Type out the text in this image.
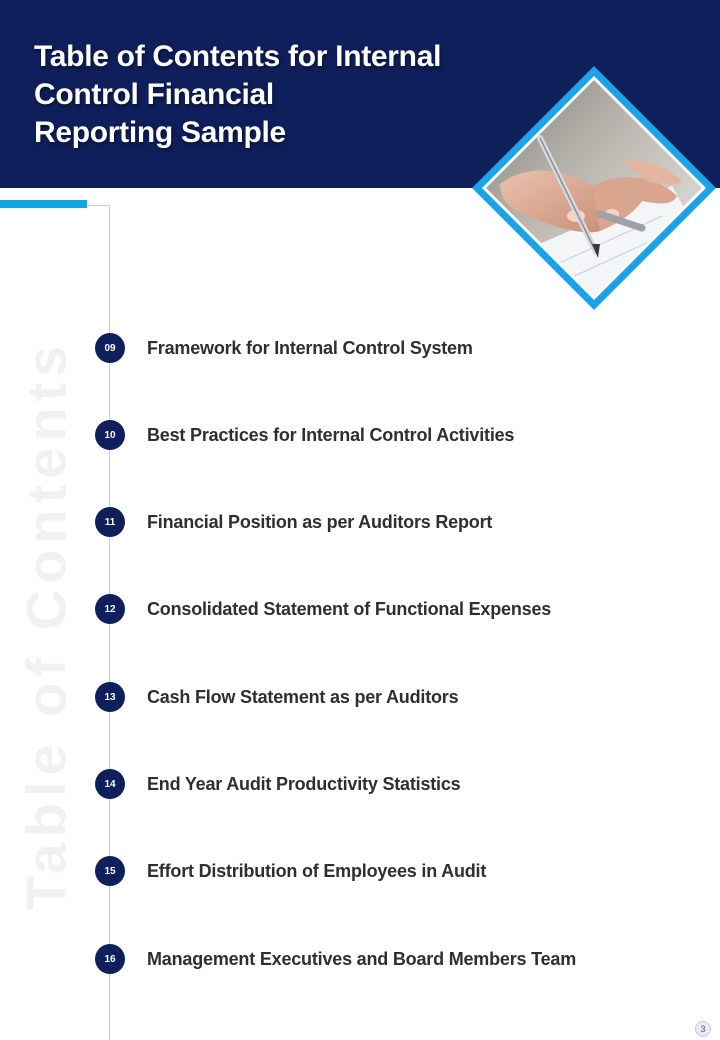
Table of Contents for Internal
Control Financial
Reporting Sample
Table of Contents	09	Framework for Internal Control System
10	Best Practices for Internal Control Activities
11	Financial Position as per Auditors Report
12	Consolidated Statement of Functional Expenses
13	Cash Flow Statement as per Auditors
14	End Year Audit Productivity Statistics
15	Effort Distribution of Employees in Audit
16	Management Executives and Board Members Team
3
